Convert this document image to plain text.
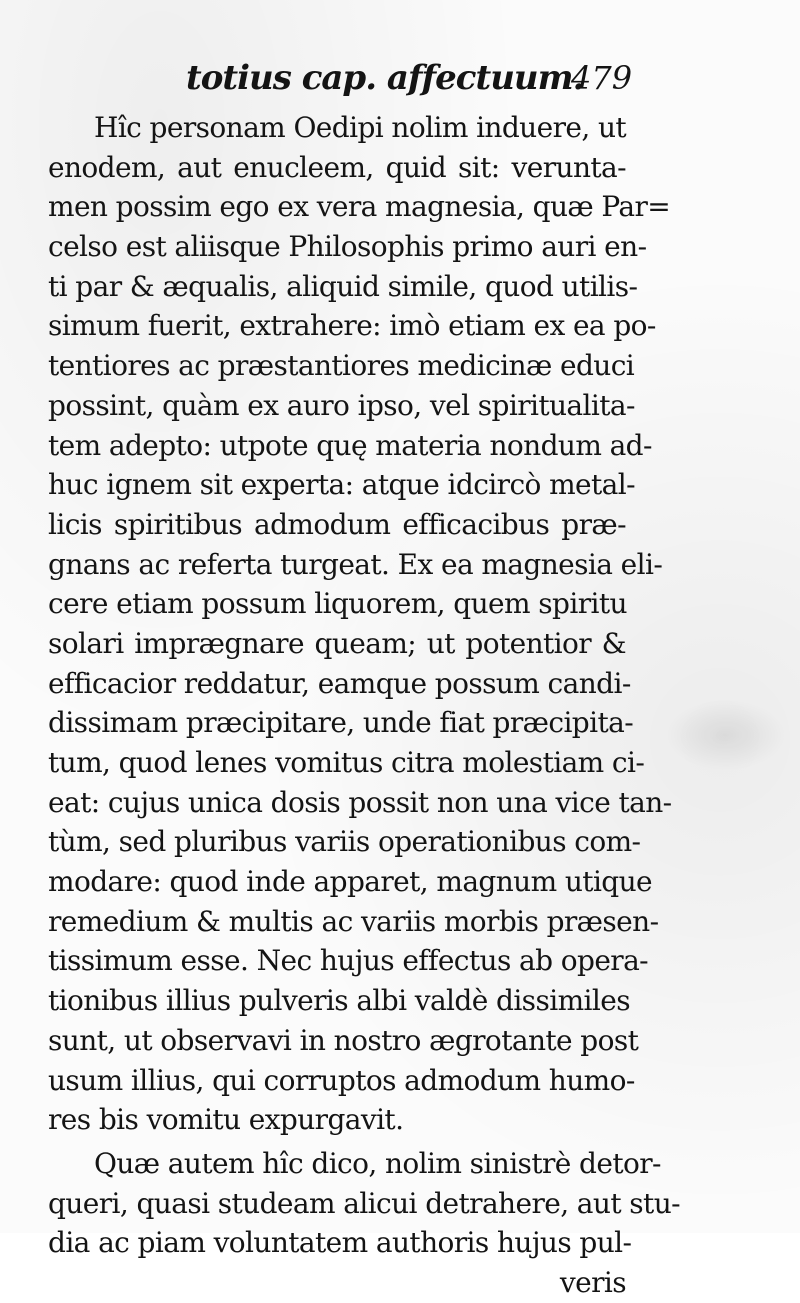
totius cap. affectuum.
479
Hîc personam Oedipi nolim induere, ut
enodem, aut enucleem, quid sit: verunta-
men possim ego ex vera magnesia, quæ Par=
celso est aliisque Philosophis primo auri en-
ti par & æqualis, aliquid simile, quod utilis-
simum fuerit, extrahere: imò etiam ex ea po-
tentiores ac præstantiores medicinæ educi
possint, quàm ex auro ipso, vel spiritualita-
tem adepto: utpote quę materia nondum ad-
huc ignem sit experta: atque idcircò metal-
licis spiritibus admodum efficacibus præ-
gnans ac referta turgeat. Ex ea magnesia eli-
cere etiam possum liquorem, quem spiritu
solari imprægnare queam; ut potentior &
efficacior reddatur, eamque possum candi-
dissimam præcipitare, unde fiat præcipita-
tum, quod lenes vomitus citra molestiam ci-
eat: cujus unica dosis possit non una vice tan-
tùm, sed pluribus variis operationibus com-
modare: quod inde apparet, magnum utique
remedium & multis ac variis morbis præsen-
tissimum esse. Nec hujus effectus ab opera-
tionibus illius pulveris albi valdè dissimiles
sunt, ut observavi in nostro ægrotante post
usum illius, qui corruptos admodum humo-
res bis vomitu expurgavit.
Quæ autem hîc dico, nolim sinistrè detor-
queri, quasi studeam alicui detrahere, aut stu-
dia ac piam voluntatem authoris hujus pul-
veris
